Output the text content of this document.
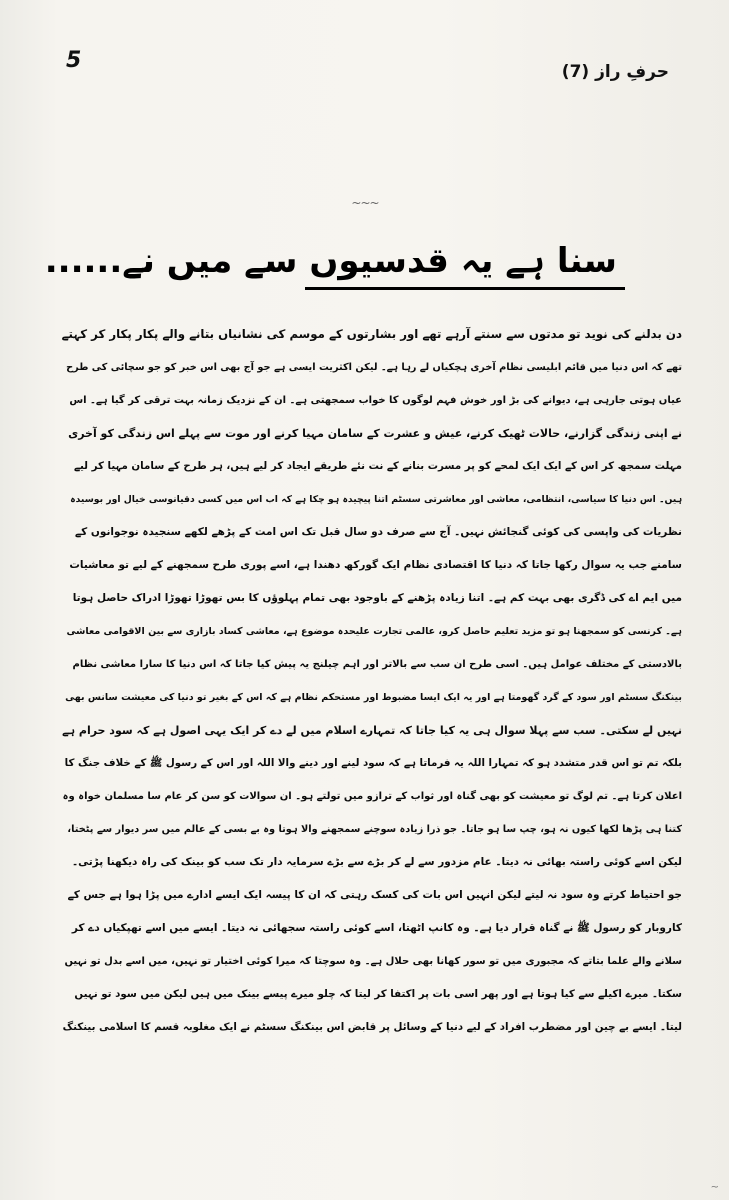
5	حرفِ راز (7)
~~~
سنا ہے یہ قدسیوں سے میں نے......
دن بدلنے کی نوید تو مدتوں سے سنتے آرہے تھے اور بشارتوں کے موسم کی نشانیاں بتانے والے پکار پکار کر کہتے
تھے کہ اس دنیا میں قائم ابلیسی نظام آخری ہچکیاں لے رہا ہے۔ لیکن اکثریت ایسی ہے جو آج بھی اس خبر کو جو سچائی کی طرح
عیاں ہوتی جارہی ہے، دیوانے کی بڑ اور خوش فہم لوگوں کا خواب سمجھتی ہے۔ ان کے نزدیک زمانہ بہت ترقی کر گیا ہے۔ اس
نے اپنی زندگی گزارنے، حالات ٹھیک کرنے، عیش و عشرت کے سامان مہیا کرنے اور موت سے پہلے اس زندگی کو آخری
مہلت سمجھ کر اس کے ایک ایک لمحے کو پر مسرت بنانے کے نت نئے طریقے ایجاد کر لیے ہیں، ہر طرح کے سامان مہیا کر لیے
ہیں۔ اس دنیا کا سیاسی، انتظامی، معاشی اور معاشرتی سسٹم اتنا پیچیدہ ہو چکا ہے کہ اب اس میں کسی دقیانوسی خیال اور بوسیدہ
نظریات کی واپسی کی کوئی گنجائش نہیں۔ آج سے صرف دو سال قبل تک اس امت کے پڑھے لکھے سنجیدہ نوجوانوں کے
سامنے جب یہ سوال رکھا جاتا کہ دنیا کا اقتصادی نظام ایک گورکھ دھندا ہے، اسے پوری طرح سمجھنے کے لیے تو معاشیات
میں ایم اے کی ڈگری بھی بہت کم ہے۔ اتنا زیادہ پڑھنے کے باوجود بھی تمام پہلوؤں کا بس تھوڑا تھوڑا ادراک حاصل ہوتا
ہے۔ کرنسی کو سمجھنا ہو تو مزید تعلیم حاصل کرو، عالمی تجارت علیحدہ موضوع ہے، معاشی کساد بازاری سے بین الاقوامی معاشی
بالادستی کے مختلف عوامل ہیں۔ اسی طرح ان سب سے بالاتر اور اہم چیلنج یہ پیش کیا جاتا کہ اس دنیا کا سارا معاشی نظام
بینکنگ سسٹم اور سود کے گرد گھومتا ہے اور یہ ایک ایسا مضبوط اور مستحکم نظام ہے کہ اس کے بغیر تو دنیا کی معیشت سانس بھی
نہیں لے سکتی۔ سب سے پہلا سوال ہی یہ کیا جاتا کہ تمہارے اسلام میں لے دے کر ایک یہی اصول ہے کہ سود حرام ہے
بلکہ تم تو اس قدر متشدد ہو کہ تمہارا اللہ یہ فرماتا ہے کہ سود لینے اور دینے والا اللہ اور اس کے رسول ﷺ کے خلاف جنگ کا
اعلان کرتا ہے۔ تم لوگ تو معیشت کو بھی گناہ اور ثواب کے ترازو میں تولتے ہو۔ ان سوالات کو سن کر عام سا مسلمان خواہ وہ
کتنا ہی پڑھا لکھا کیوں نہ ہو، چپ سا ہو جاتا۔ جو ذرا زیادہ سوچنے سمجھنے والا ہوتا وہ بے بسی کے عالم میں سر دیوار سے پٹختا،
لیکن اسے کوئی راستہ بھائی نہ دیتا۔ عام مزدور سے لے کر بڑے سے بڑے سرمایہ دار تک سب کو بینک کی راہ دیکھنا پڑتی۔
جو احتیاط کرتے وہ سود نہ لیتے لیکن انہیں اس بات کی کسک رہتی کہ ان کا پیسہ ایک ایسے ادارے میں پڑا ہوا ہے جس کے
کاروبار کو رسول ﷺ نے گناہ قرار دیا ہے۔ وہ کانپ اٹھتا، اسے کوئی راستہ سجھائی نہ دیتا۔ ایسے میں اسے تھپکیاں دے کر
سلانے والے علما بتاتے کہ مجبوری میں تو سور کھانا بھی حلال ہے۔ وہ سوچتا کہ میرا کوئی اختیار تو نہیں، میں اسے بدل تو نہیں
سکتا۔ میرے اکیلے سے کیا ہوتا ہے اور پھر اسی بات پر اکتفا کر لیتا کہ چلو میرے پیسے بینک میں ہیں لیکن میں سود تو نہیں
لیتا۔ ایسے بے چین اور مضطرب افراد کے لیے دنیا کے وسائل پر قابض اس بینکنگ سسٹم نے ایک مغلوبہ قسم کا اسلامی بینکنگ
~
